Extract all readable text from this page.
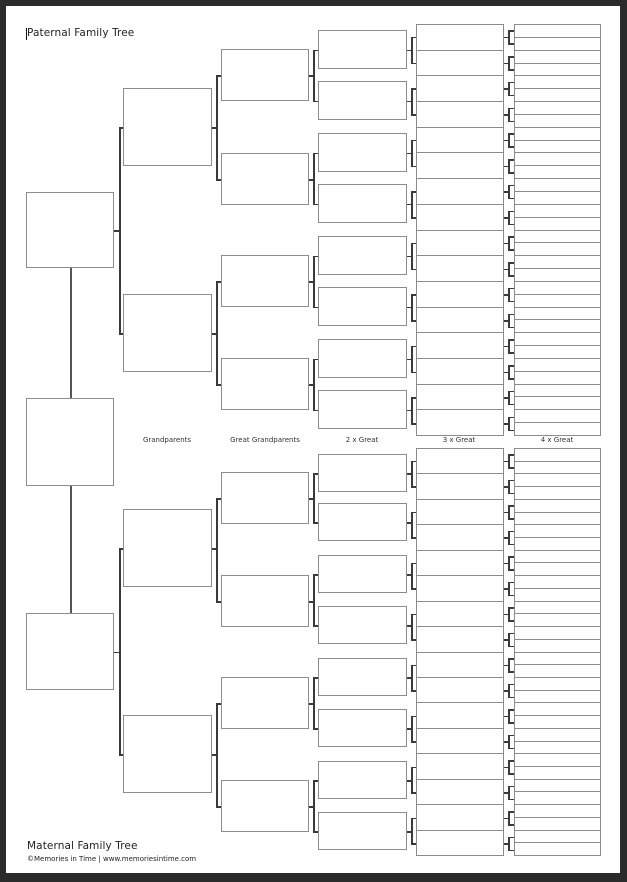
Paternal Family Tree
Grandparents	Great Grandparents	2 x Great	3 x Great	4 x Great
Maternal Family Tree
©Memories in Time | www.memoriesintime.com
